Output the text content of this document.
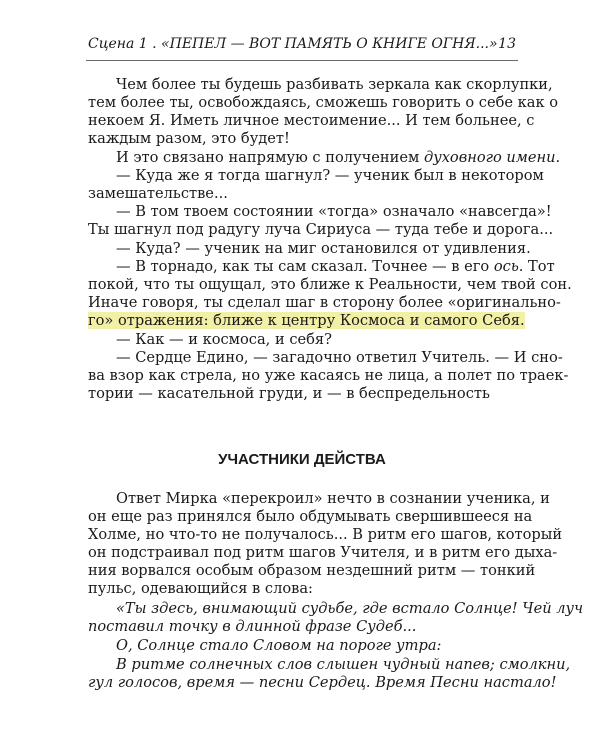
Сцена 1 . «ПЕПЕЛ — ВОТ ПАМЯТЬ О КНИГЕ ОГНЯ...» 13
Чем более ты будешь разбивать зеркала как скорлупки,
тем более ты, освобождаясь, сможешь говорить о себе как о
некоем Я. Иметь личное местоимение... И тем больнее, с
каждым разом, это будет!
И это связано напрямую с получением духовного имени.
— Куда же я тогда шагнул? — ученик был в некотором
замешательстве...
— В том твоем состоянии «тогда» означало «навсегда»!
Ты шагнул под радугу луча Сириуса — туда тебе и дорога...
— Куда? — ученик на миг остановился от удивления.
— В торнадо, как ты сам сказал. Точнее — в его ось. Тот
покой, что ты ощущал, это ближе к Реальности, чем твой сон.
Иначе говоря, ты сделал шаг в сторону более «оригинально-
го» отражения: ближе к центру Космоса и самого Себя.
— Как — и космоса, и себя?
— Сердце Едино, — загадочно ответил Учитель. — И сно-
ва взор как стрела, но уже касаясь не лица, а полет по траек-
тории — касательной груди, и — в беспредельность
УЧАСТНИКИ ДЕЙСТВА
Ответ Мирка «перекроил» нечто в сознании ученика, и
он еще раз принялся было обдумывать свершившееся на
Холме, но что-то не получалось... В ритм его шагов, который
он подстраивал под ритм шагов Учителя, и в ритм его дыха-
ния ворвался особым образом нездешний ритм — тонкий
пульс, одевающийся в слова:
«Ты здесь, внимающий судьбе, где встало Солнце! Чей луч
поставил точку в длинной фразе Судеб...
О, Солнце стало Словом на пороге утра:
В ритме солнечных слов слышен чудный напев; смолкни,
гул голосов, время — песни Сердец. Время Песни настало!
